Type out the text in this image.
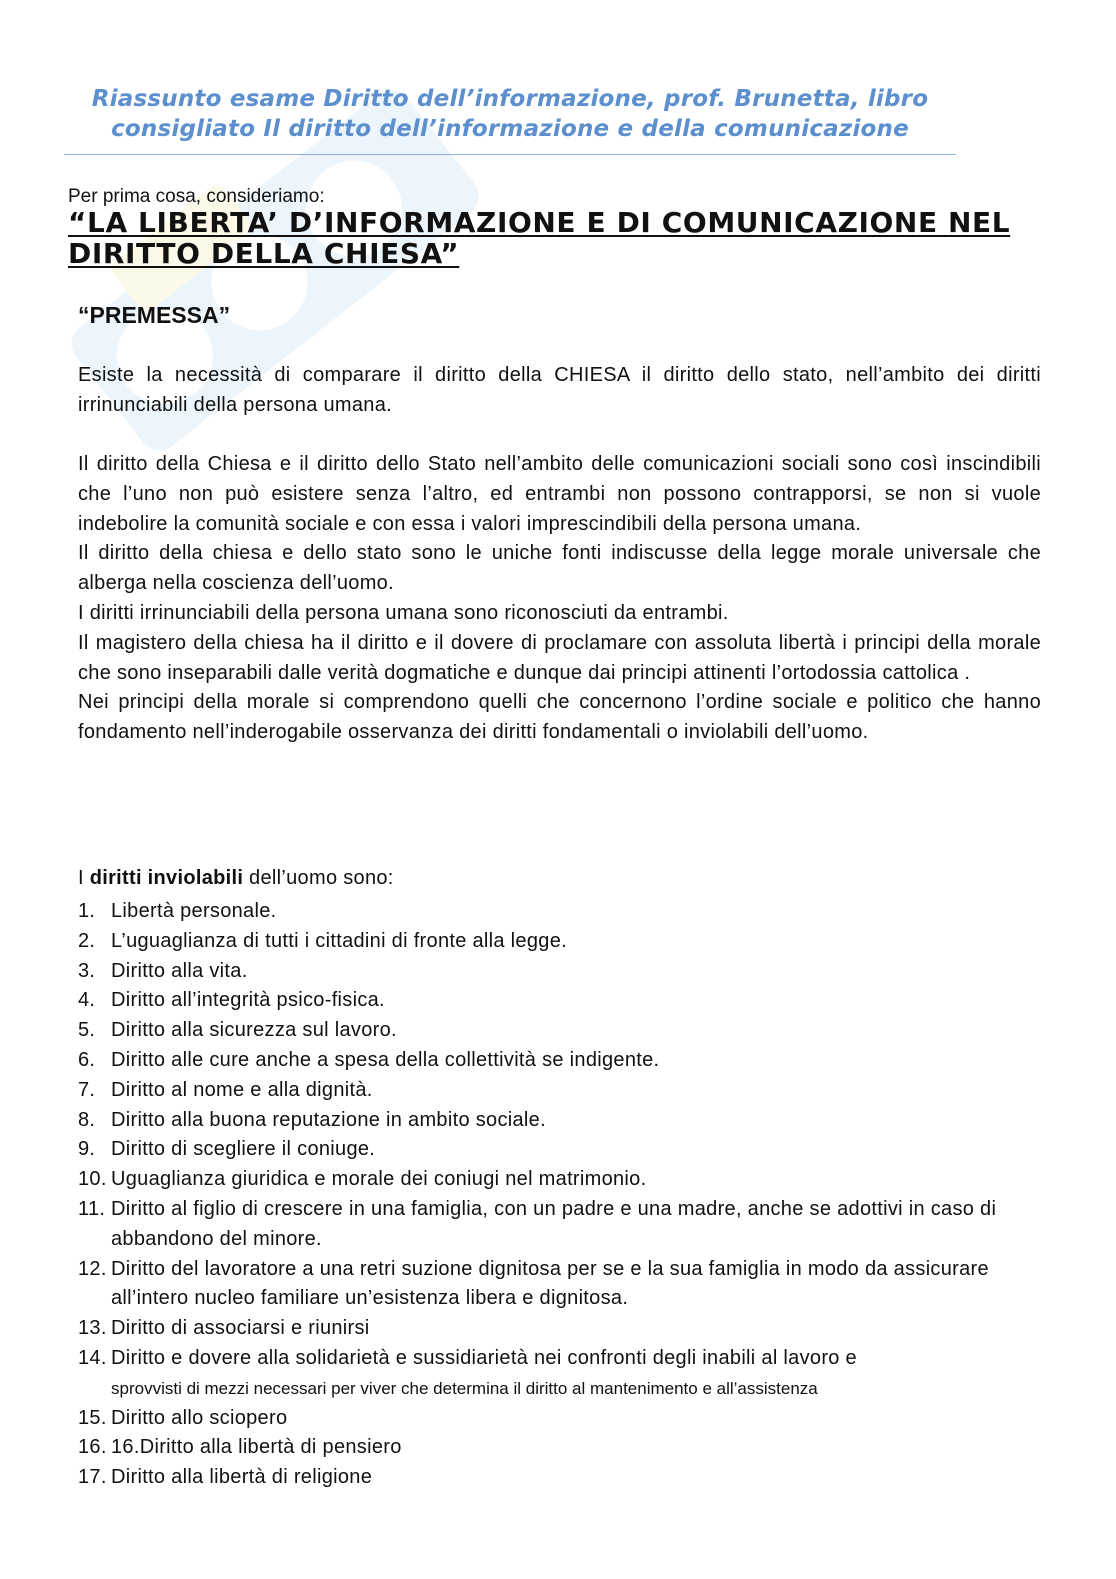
Riassunto esame Diritto dell’informazione, prof. Brunetta, libro
consigliato Il diritto dell’informazione e della comunicazione
Per prima cosa, consideriamo:
“LA LIBERTA’ D’INFORMAZIONE E DI COMUNICAZIONE NEL
DIRITTO DELLA CHIESA”
“PREMESSA”

Esiste la necessità di comparare il diritto della CHIESA il diritto dello stato, nell’ambito dei diritti irrinunciabili della persona umana.

Il diritto della Chiesa e il diritto dello Stato nell’ambito delle comunicazioni sociali sono così inscindibili che l’uno non può esistere senza l’altro, ed entrambi non possono contrapporsi, se non si vuole indebolire la comunità sociale e con essa i valori imprescindibili della persona umana.
Il diritto della chiesa e dello stato sono le uniche fonti indiscusse della legge morale universale che alberga nella coscienza dell’uomo.
I diritti irrinunciabili della persona umana sono riconosciuti da entrambi.
Il magistero della chiesa ha il diritto e il dovere di proclamare con assoluta libertà i principi della morale che sono inseparabili dalle verità dogmatiche e dunque dai principi attinenti l’ortodossia cattolica .
Nei principi della morale si comprendono quelli che concernono l’ordine sociale e politico che hanno fondamento nell’inderogabile osservanza dei diritti fondamentali o inviolabili dell’uomo.
I diritti inviolabili dell’uomo sono:
1. Libertà personale.
2. L’uguaglianza di tutti i cittadini di fronte alla legge.
3. Diritto alla vita.
4. Diritto all’integrità psico-fisica.
5. Diritto alla sicurezza sul lavoro.
6. Diritto alle cure anche a spesa della collettività se indigente.
7. Diritto al nome e alla dignità.
8. Diritto alla buona reputazione in ambito sociale.
9. Diritto di scegliere il coniuge.
10. Uguaglianza giuridica e morale dei coniugi nel matrimonio.
11. Diritto al figlio di crescere in una famiglia, con un padre e una madre, anche se adottivi in caso di abbandono del minore.
12. Diritto del lavoratore a una retri suzione dignitosa per se e la sua famiglia in modo da assicurare all’intero nucleo familiare un’esistenza libera e dignitosa.
13. Diritto di associarsi e riunirsi
14. Diritto e dovere alla solidarietà e sussidiarietà nei confronti degli inabili al lavoro e
sprovvisti di mezzi necessari per viver che determina il diritto al mantenimento e all’assistenza
15. Diritto allo sciopero
16. 16.Diritto alla libertà di pensiero
17. Diritto alla libertà di religione
